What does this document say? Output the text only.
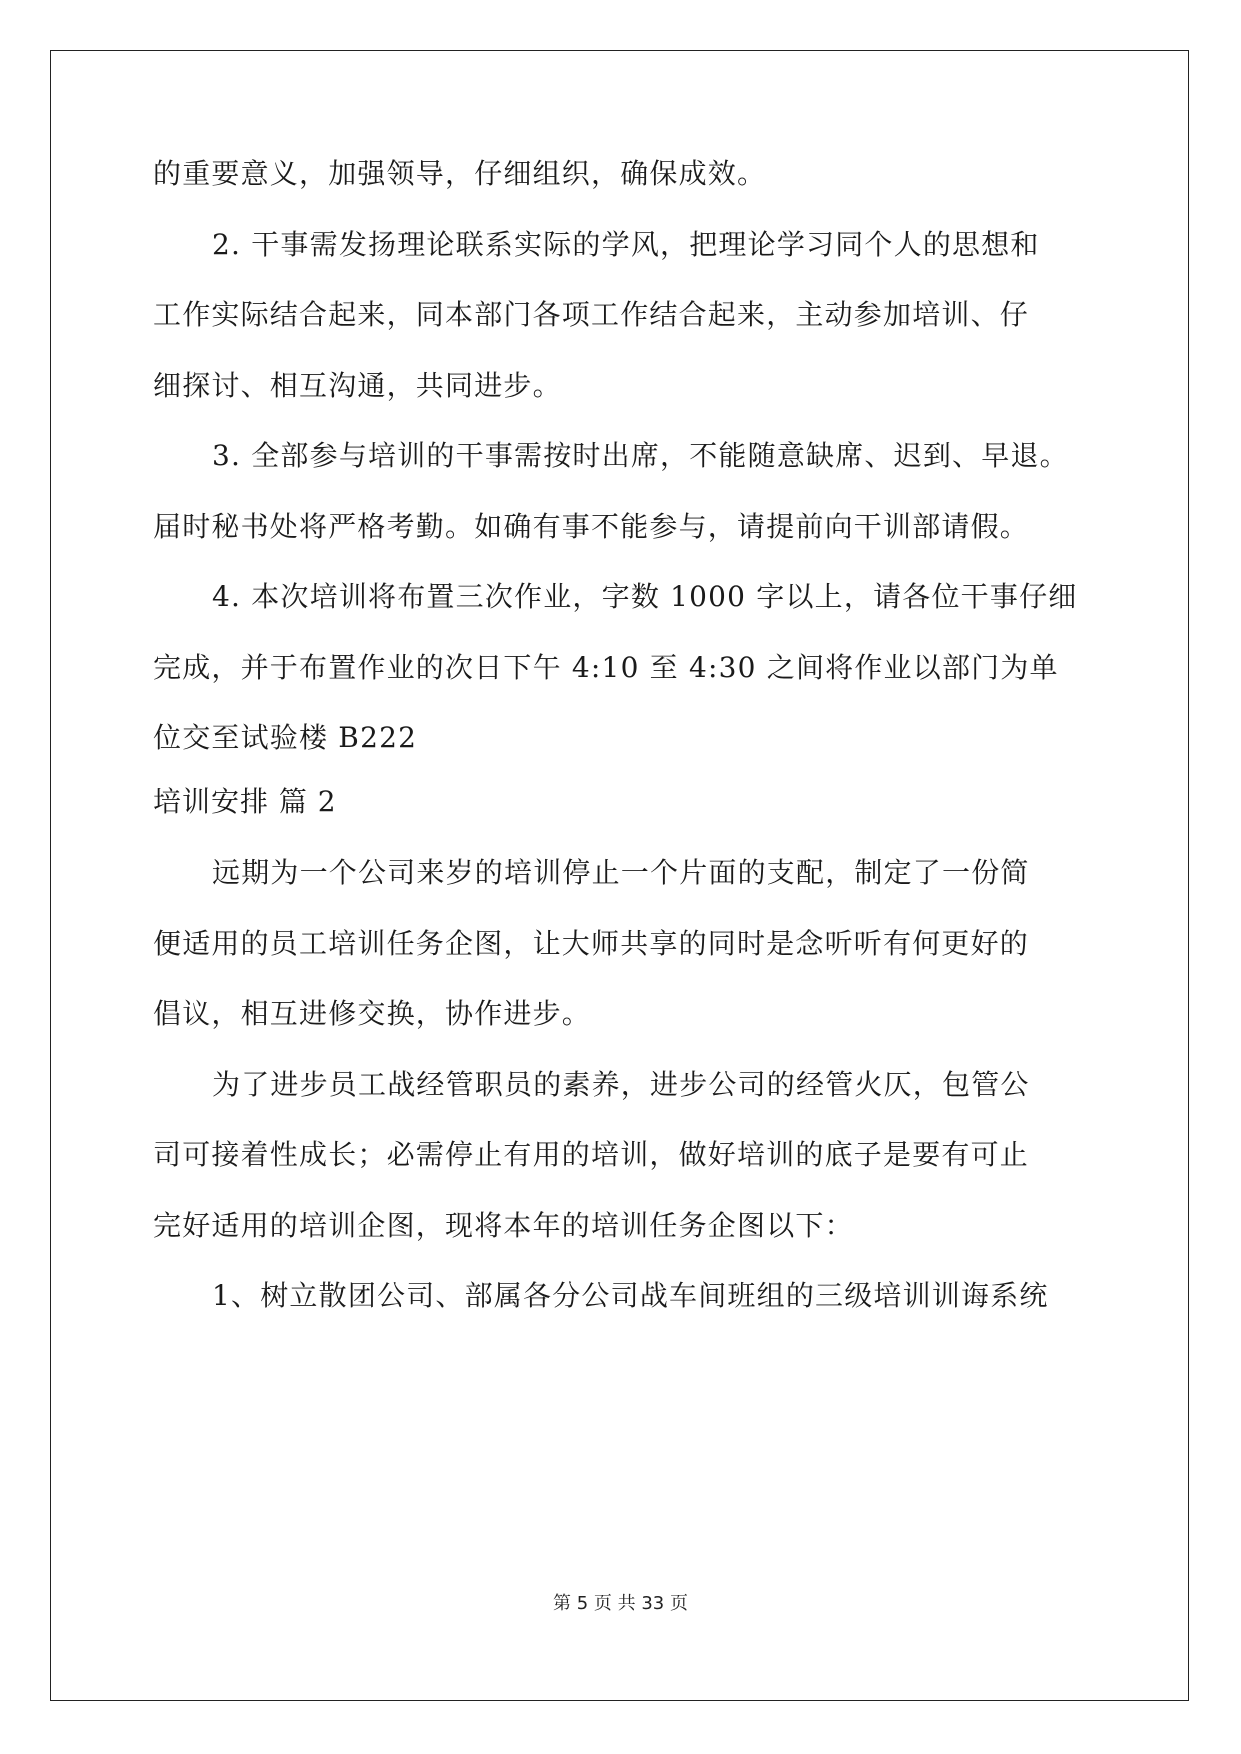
的重要意义，加强领导，仔细组织，确保成效。
2. 干事需发扬理论联系实际的学风，把理论学习同个人的思想和
工作实际结合起来，同本部门各项工作结合起来，主动参加培训、仔
细探讨、相互沟通，共同进步。
3. 全部参与培训的干事需按时出席，不能随意缺席、迟到、早退。
届时秘书处将严格考勤。如确有事不能参与，请提前向干训部请假。
4. 本次培训将布置三次作业，字数 1000 字以上，请各位干事仔细
完成，并于布置作业的次日下午 4:10 至 4:30 之间将作业以部门为单
位交至试验楼 B222
培训安排 篇 2
远期为一个公司来岁的培训停止一个片面的支配，制定了一份简
便适用的员工培训任务企图，让大师共享的同时是念听听有何更好的
倡议，相互进修交换，协作进步。
为了进步员工战经管职员的素养，进步公司的经管火仄，包管公
司可接着性成长；必需停止有用的培训，做好培训的底子是要有可止
完好适用的培训企图，现将本年的培训任务企图以下：
1、树立散团公司、部属各分公司战车间班组的三级培训训诲系统
第 5 页 共 33 页
